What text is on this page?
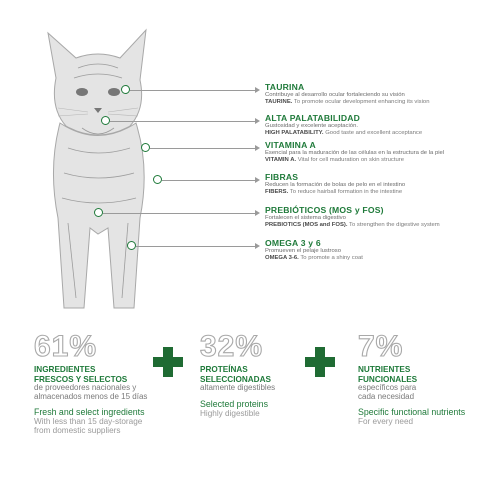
TAURINA
Contribuye al desarrollo ocular fortaleciendo su visión
TAURINE. To promote ocular development enhancing its vision
ALTA PALATABILIDAD
Gustosidad y excelente aceptación.
HIGH PALATABILITY. Good taste and excellent acceptance
VITAMINA A
Esencial para la maduración de las células en la estructura de la piel
VITAMIN A. Vital for cell maduration on skin structure
FIBRAS
Reducen la formación de bolas de pelo en el intestino
FIBERS. To reduce hairball formation in the intestine
PREBIÓTICOS (MOS y FOS)
Fortalecen el sistema digestivo
PREBIOTICS (MOS and FOS). To strengthen the digestive system
OMEGA 3 y 6
Promueven el pelaje lustroso
OMEGA 3-6. To promote a shiny coat
61%
INGREDIENTES
FRESCOS Y SELECTOS
de proveedores nacionales y
almacenados menos de 15 días
Fresh and select ingredients
With less than 15 day-storage
from domestic suppliers
32%
PROTEÍNAS
SELECCIONADAS
altamente digestibles
Selected proteins
Highly digestible
7%
NUTRIENTES
FUNCIONALES
específicos para
cada necesidad
Specific functional nutrients
For every need
